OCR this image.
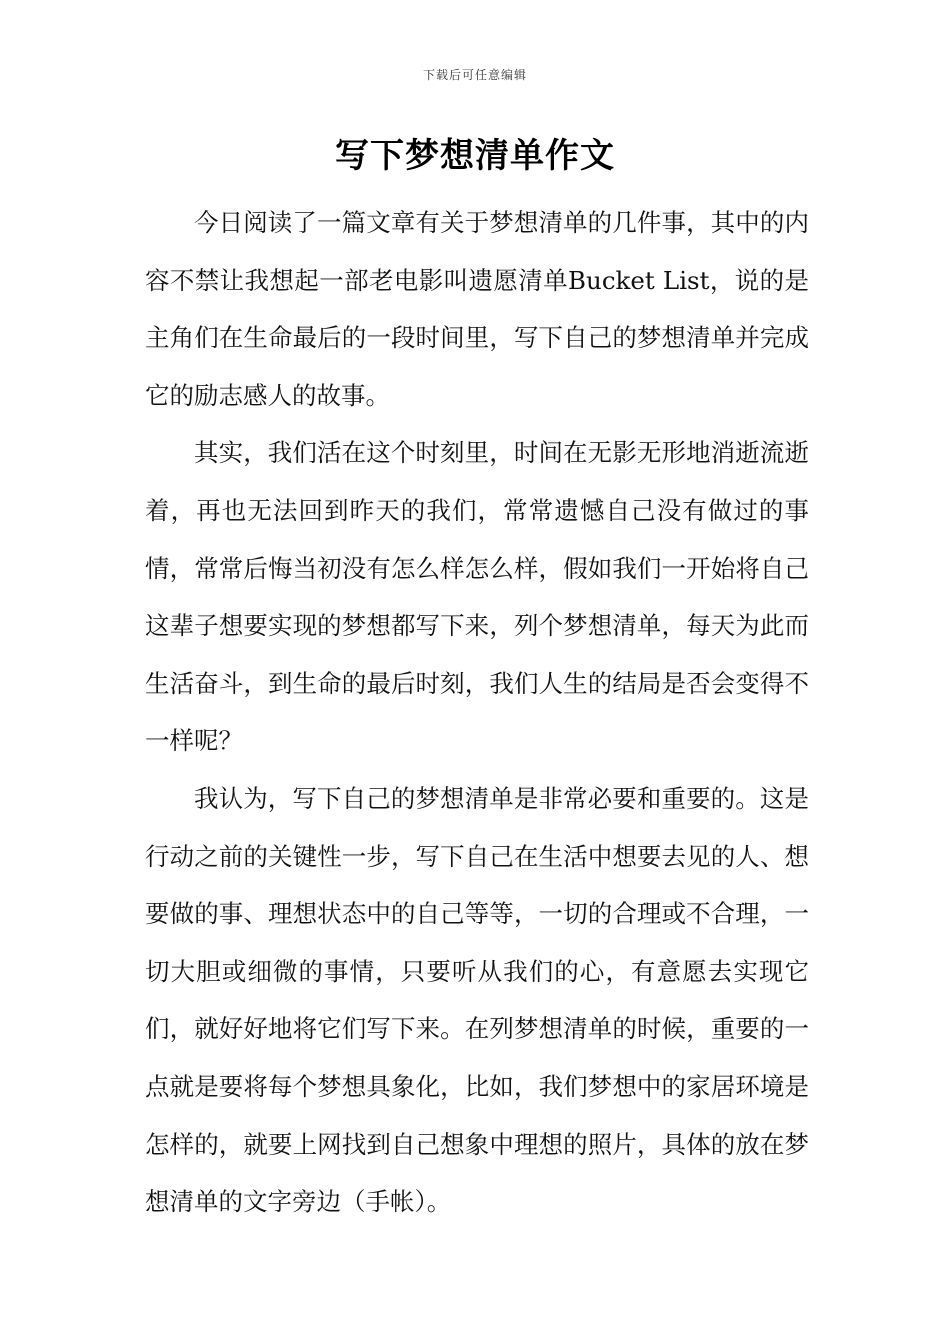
下载后可任意编辑
写下梦想清单作文

今日阅读了一篇文章有关于梦想清单的几件事，其中的内容不禁让我想起一部老电影叫遗愿清单Bucket List，说的是主角们在生命最后的一段时间里，写下自己的梦想清单并完成它的励志感人的故事。

其实，我们活在这个时刻里，时间在无影无形地消逝流逝着，再也无法回到昨天的我们，常常遗憾自己没有做过的事情，常常后悔当初没有怎么样怎么样，假如我们一开始将自己这辈子想要实现的梦想都写下来，列个梦想清单，每天为此而生活奋斗，到生命的最后时刻，我们人生的结局是否会变得不一样呢？

我认为，写下自己的梦想清单是非常必要和重要的。这是行动之前的关键性一步，写下自己在生活中想要去见的人、想要做的事、理想状态中的自己等等，一切的合理或不合理，一切大胆或细微的事情，只要听从我们的心，有意愿去实现它们，就好好地将它们写下来。在列梦想清单的时候，重要的一点就是要将每个梦想具象化，比如，我们梦想中的家居环境是怎样的，就要上网找到自己想象中理想的照片，具体的放在梦想清单的文字旁边（手帐）。
